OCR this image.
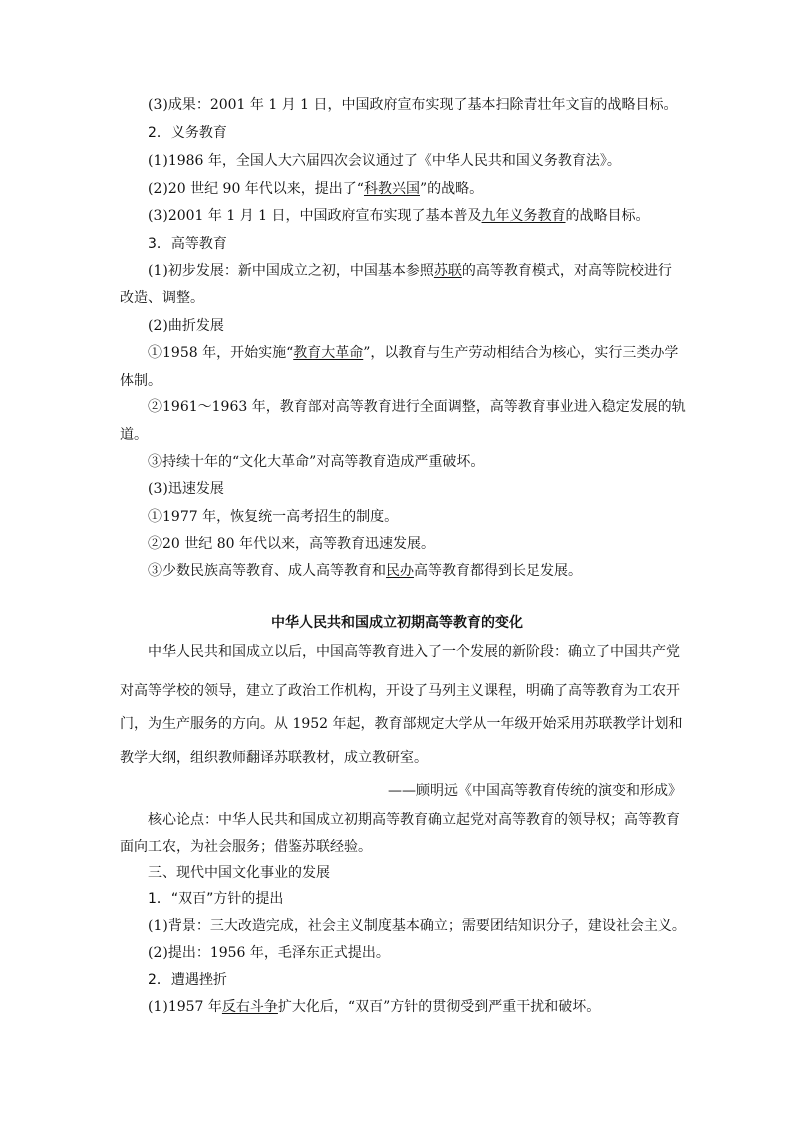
(3)成果：2001 年 1 月 1 日，中国政府宣布实现了基本扫除青壮年文盲的战略目标。
2．义务教育
(1)1986 年，全国人大六届四次会议通过了《中华人民共和国义务教育法》。
(2)20 世纪 90 年代以来，提出了“科教兴国”的战略。
(3)2001 年 1 月 1 日，中国政府宣布实现了基本普及九年义务教育的战略目标。
3．高等教育
(1)初步发展：新中国成立之初，中国基本参照苏联的高等教育模式，对高等院校进行
改造、调整。
(2)曲折发展
①1958 年，开始实施“教育大革命”，以教育与生产劳动相结合为核心，实行三类办学
体制。
②1961～1963 年，教育部对高等教育进行全面调整，高等教育事业进入稳定发展的轨
道。
③持续十年的“文化大革命”对高等教育造成严重破坏。
(3)迅速发展
①1977 年，恢复统一高考招生的制度。
②20 世纪 80 年代以来，高等教育迅速发展。
③少数民族高等教育、成人高等教育和民办高等教育都得到长足发展。
中华人民共和国成立初期高等教育的变化
中华人民共和国成立以后，中国高等教育进入了一个发展的新阶段：确立了中国共产党
对高等学校的领导，建立了政治工作机构，开设了马列主义课程，明确了高等教育为工农开
门，为生产服务的方向。从 1952 年起，教育部规定大学从一年级开始采用苏联教学计划和
教学大纲，组织教师翻译苏联教材，成立教研室。
——顾明远《中国高等教育传统的演变和形成》
核心论点：中华人民共和国成立初期高等教育确立起党对高等教育的领导权；高等教育
面向工农，为社会服务；借鉴苏联经验。
三、现代中国文化事业的发展
1．“双百”方针的提出
(1)背景：三大改造完成，社会主义制度基本确立；需要团结知识分子，建设社会主义。
(2)提出：1956 年，毛泽东正式提出。
2．遭遇挫折
(1)1957 年反右斗争扩大化后，“双百”方针的贯彻受到严重干扰和破坏。
